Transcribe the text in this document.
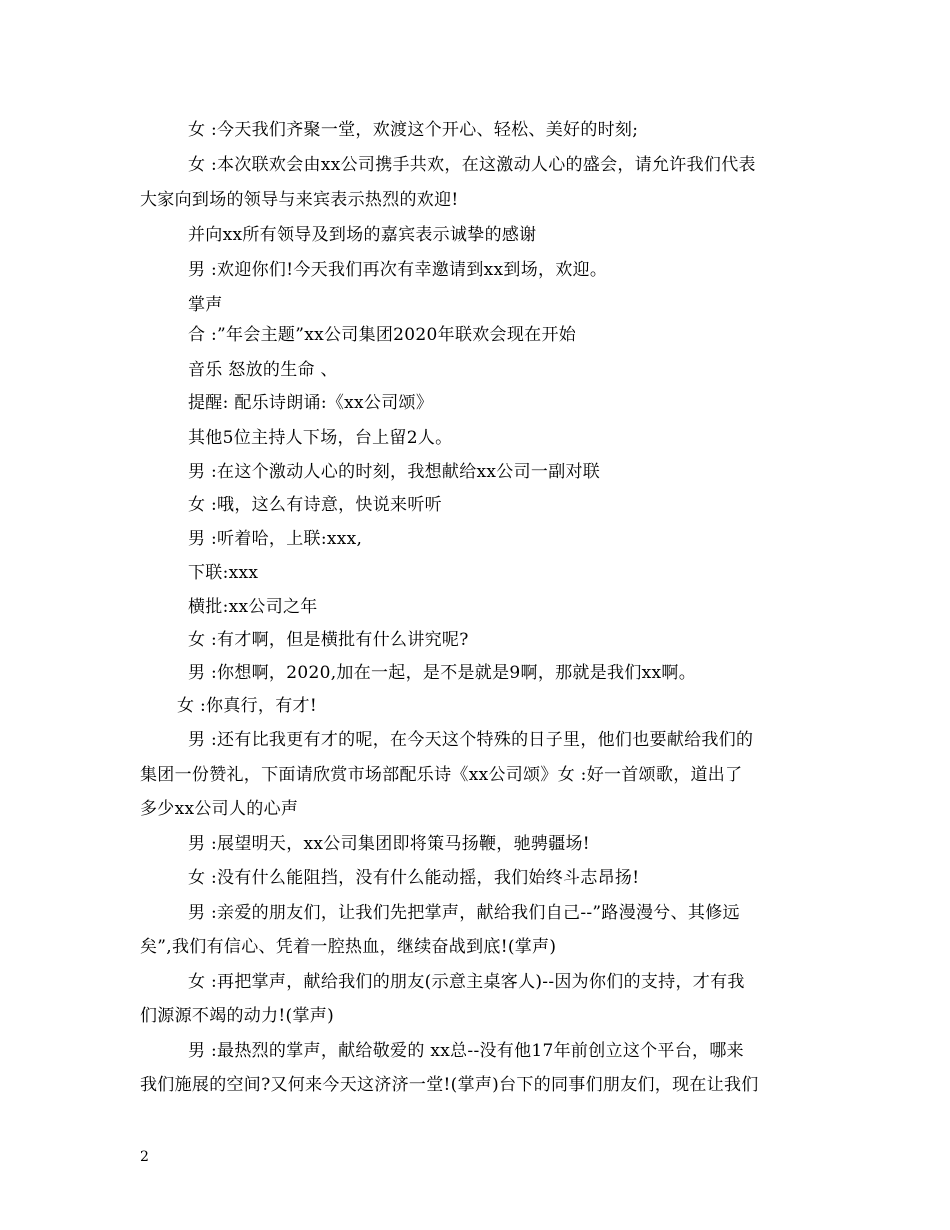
女 :今天我们齐聚一堂，欢渡这个开心、轻松、美好的时刻;
女 :本次联欢会由xx公司携手共欢，在这激动人心的盛会，请允许我们代表
大家向到场的领导与来宾表示热烈的欢迎!
并向xx所有领导及到场的嘉宾表示诚挚的感谢
男 :欢迎你们!今天我们再次有幸邀请到xx到场，欢迎。
掌声
合 :”年会主题”xx公司集团2020年联欢会现在开始
音乐 怒放的生命 、
提醒: 配乐诗朗诵:《xx公司颂》
其他5位主持人下场，台上留2人。
男 :在这个激动人心的时刻，我想献给xx公司一副对联
女 :哦，这么有诗意，快说来听听
男 :听着哈，上联:xxx,
下联:xxx
横批:xx公司之年
女 :有才啊，但是横批有什么讲究呢?
男 :你想啊，2020,加在一起，是不是就是9啊，那就是我们xx啊。
女 :你真行，有才!
男 :还有比我更有才的呢，在今天这个特殊的日子里，他们也要献给我们的
集团一份赞礼，下面请欣赏市场部配乐诗《xx公司颂》女 :好一首颂歌，道出了
多少xx公司人的心声
男 :展望明天，xx公司集团即将策马扬鞭，驰骋疆场!
女 :没有什么能阻挡，没有什么能动摇，我们始终斗志昂扬!
男 :亲爱的朋友们，让我们先把掌声，献给我们自己--”路漫漫兮、其修远
矣”,我们有信心、凭着一腔热血，继续奋战到底!(掌声)
女 :再把掌声，献给我们的朋友(示意主桌客人)--因为你们的支持，才有我
们源源不竭的动力!(掌声)
男 :最热烈的掌声，献给敬爱的 xx总--没有他17年前创立这个平台，哪来
我们施展的空间?又何来今天这济济一堂!(掌声)台下的同事们朋友们，现在让我们
2
